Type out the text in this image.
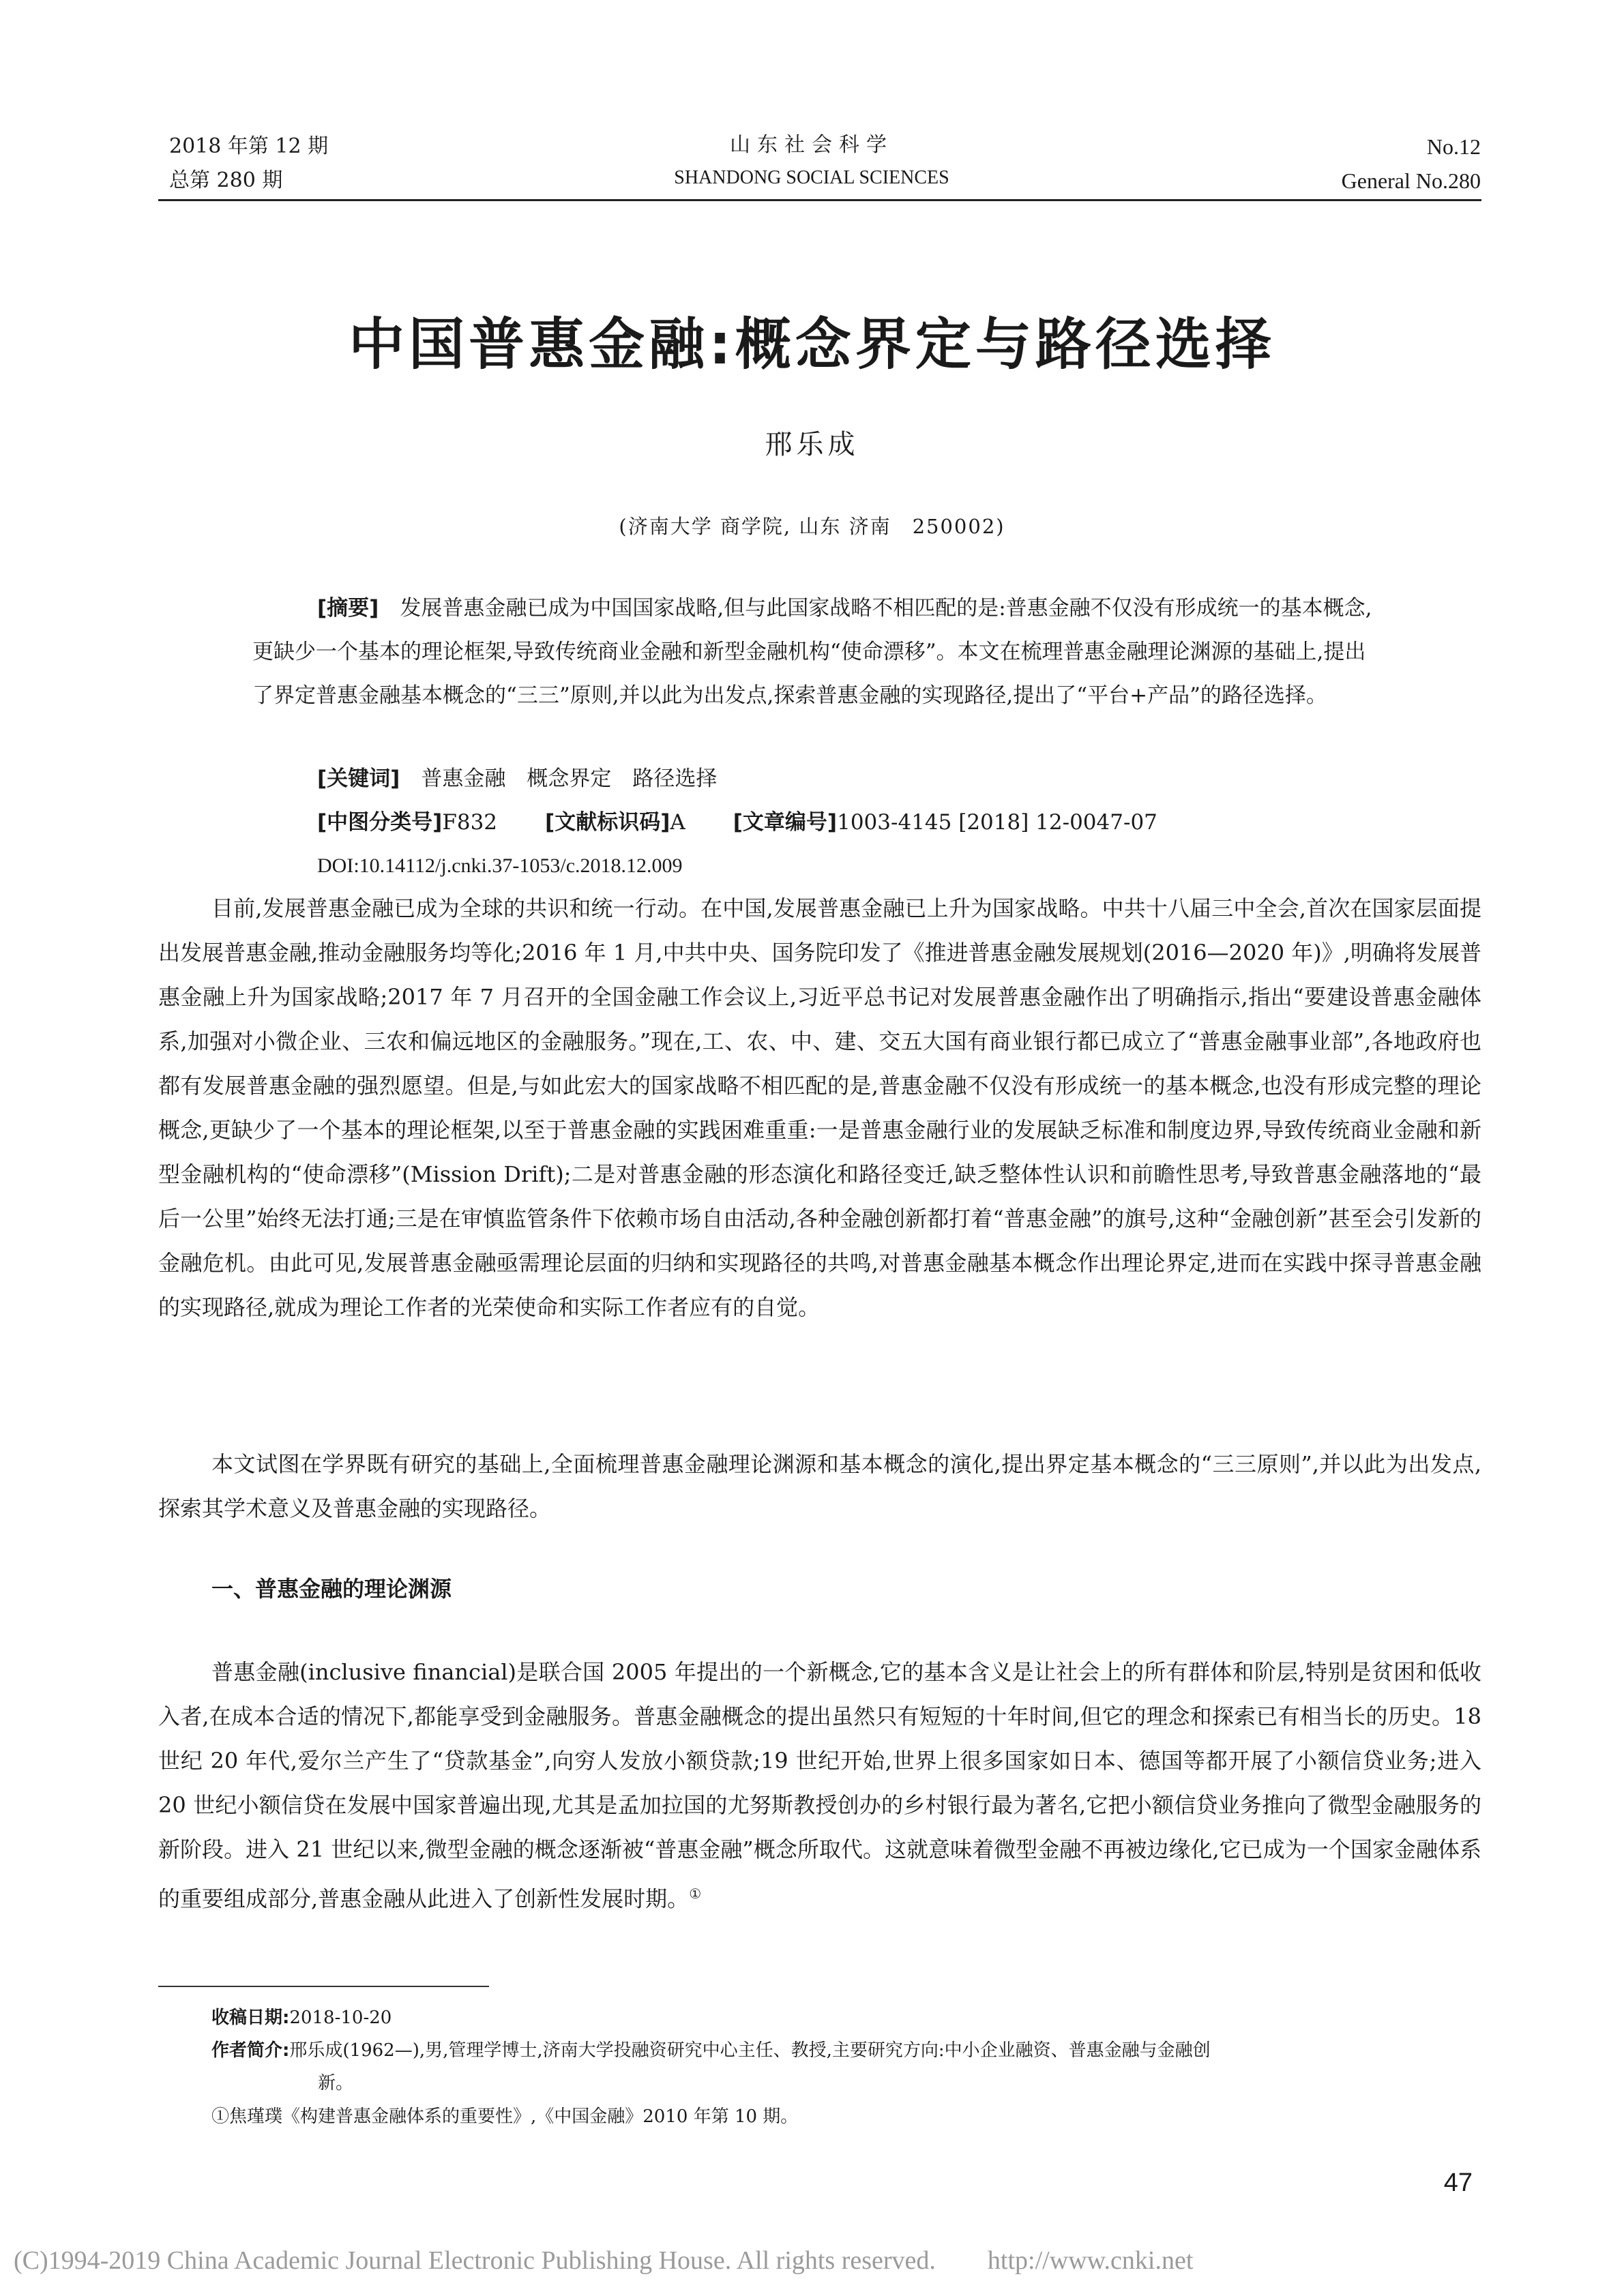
2018 年第 12 期
总第 280 期
山东社会科学
SHANDONG SOCIAL SCIENCES
No.12
General No.280
中国普惠金融:概念界定与路径选择
邢乐成
(济南大学 商学院, 山东 济南　250002)

[摘要]　 发展普惠金融已成为中国国家战略,但与此国家战略不相匹配的是:普惠金融不仅没有形成统一的基本概念,更缺少一个基本的理论框架,导致传统商业金融和新型金融机构“使命漂移”。本文在梳理普惠金融理论渊源的基础上,提出了界定普惠金融基本概念的“三三”原则,并以此为出发点,探索普惠金融的实现路径,提出了“平台+产品”的路径选择。

[关键词]　 普惠金融　概念界定　路径选择
[中图分类号]F832 [文献标识码]A [文章编号]1003-4145 [2018] 12-0047-07
DOI:10.14112/j.cnki.37-1053/c.2018.12.009

目前,发展普惠金融已成为全球的共识和统一行动。在中国,发展普惠金融已上升为国家战略。中共十八届三中全会,首次在国家层面提出发展普惠金融,推动金融服务均等化;2016 年 1 月,中共中央、国务院印发了《推进普惠金融发展规划(2016—2020 年)》,明确将发展普惠金融上升为国家战略;2017 年 7 月召开的全国金融工作会议上,习近平总书记对发展普惠金融作出了明确指示,指出“要建设普惠金融体系,加强对小微企业、三农和偏远地区的金融服务。”现在,工、农、中、建、交五大国有商业银行都已成立了“普惠金融事业部”,各地政府也都有发展普惠金融的强烈愿望。但是,与如此宏大的国家战略不相匹配的是,普惠金融不仅没有形成统一的基本概念,也没有形成完整的理论概念,更缺少了一个基本的理论框架,以至于普惠金融的实践困难重重:一是普惠金融行业的发展缺乏标准和制度边界,导致传统商业金融和新型金融机构的“使命漂移”(Mission Drift);二是对普惠金融的形态演化和路径变迁,缺乏整体性认识和前瞻性思考,导致普惠金融落地的“最后一公里”始终无法打通;三是在审慎监管条件下依赖市场自由活动,各种金融创新都打着“普惠金融”的旗号,这种“金融创新”甚至会引发新的金融危机。由此可见,发展普惠金融亟需理论层面的归纳和实现路径的共鸣,对普惠金融基本概念作出理论界定,进而在实践中探寻普惠金融的实现路径,就成为理论工作者的光荣使命和实际工作者应有的自觉。

本文试图在学界既有研究的基础上,全面梳理普惠金融理论渊源和基本概念的演化,提出界定基本概念的“三三原则”,并以此为出发点,探索其学术意义及普惠金融的实现路径。

一、普惠金融的理论渊源

普惠金融(inclusive financial)是联合国 2005 年提出的一个新概念,它的基本含义是让社会上的所有群体和阶层,特别是贫困和低收入者,在成本合适的情况下,都能享受到金融服务。普惠金融概念的提出虽然只有短短的十年时间,但它的理念和探索已有相当长的历史。18 世纪 20 年代,爱尔兰产生了“贷款基金”,向穷人发放小额贷款;19 世纪开始,世界上很多国家如日本、德国等都开展了小额信贷业务;进入 20 世纪小额信贷在发展中国家普遍出现,尤其是孟加拉国的尤努斯教授创办的乡村银行最为著名,它把小额信贷业务推向了微型金融服务的新阶段。进入 21 世纪以来,微型金融的概念逐渐被“普惠金融”概念所取代。这就意味着微型金融不再被边缘化,它已成为一个国家金融体系的重要组成部分,普惠金融从此进入了创新性发展时期。①

收稿日期:2018-10-20
作者简介:邢乐成(1962—),男,管理学博士,济南大学投融资研究中心主任、教授,主要研究方向:中小企业融资、普惠金融与金融创
新。
①焦瑾璞《构建普惠金融体系的重要性》,《中国金融》2010 年第 10 期。
47
(C)1994-2019 China Academic Journal Electronic Publishing House. All rights reserved.　　http://www.cnki.net
